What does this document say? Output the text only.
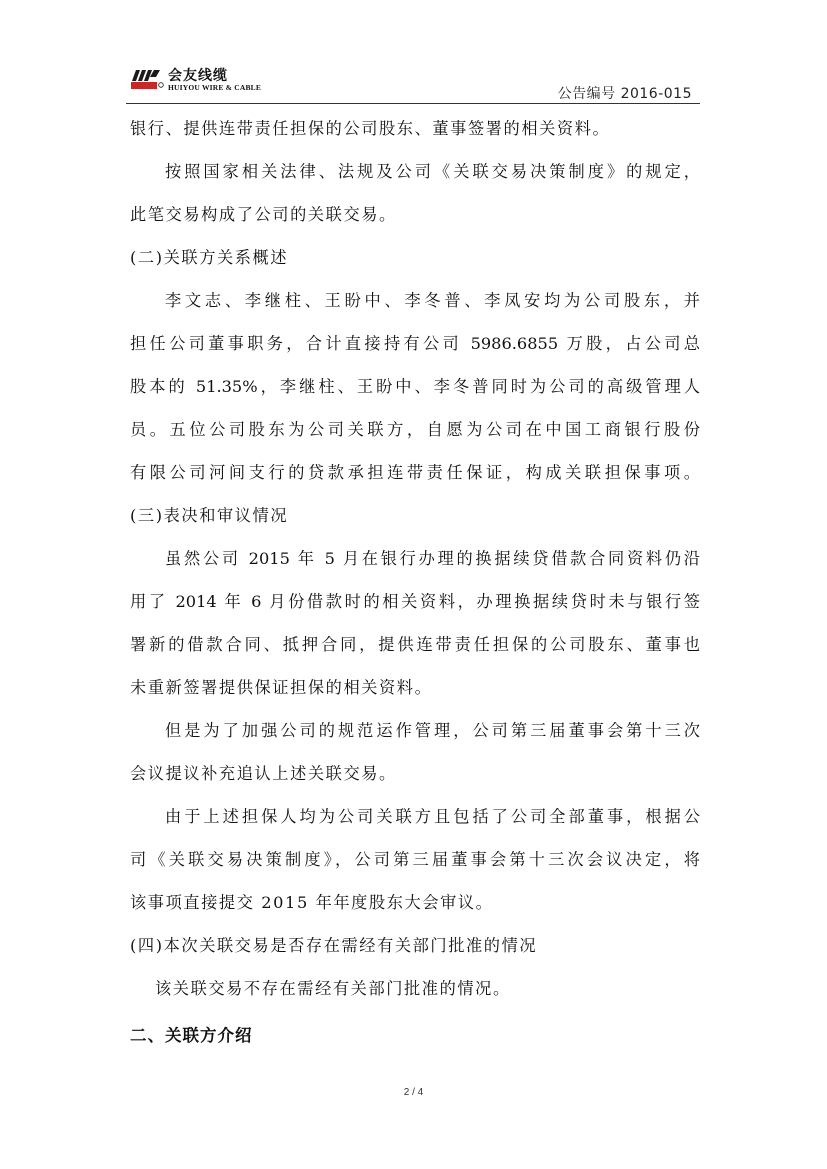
会友线缆
HUIYOU WIRE & CABLE	公告编号 2016-015
银行、提供连带责任担保的公司股东、董事签署的相关资料。
按照国家相关法律、法规及公司《关联交易决策制度》的规定，
此笔交易构成了公司的关联交易。
(二)关联方关系概述
李文志、李继柱、王盼中、李冬普、李凤安均为公司股东，并
担任公司董事职务，合计直接持有公司 5986.6855 万股，占公司总
股本的 51.35%，李继柱、王盼中、李冬普同时为公司的高级管理人
员。五位公司股东为公司关联方，自愿为公司在中国工商银行股份
有限公司河间支行的贷款承担连带责任保证，构成关联担保事项。
(三)表决和审议情况
虽然公司 2015 年 5 月在银行办理的换据续贷借款合同资料仍沿
用了 2014 年 6 月份借款时的相关资料，办理换据续贷时未与银行签
署新的借款合同、抵押合同，提供连带责任担保的公司股东、董事也
未重新签署提供保证担保的相关资料。
但是为了加强公司的规范运作管理，公司第三届董事会第十三次
会议提议补充追认上述关联交易。
由于上述担保人均为公司关联方且包括了公司全部董事，根据公
司《关联交易决策制度》，公司第三届董事会第十三次会议决定，将
该事项直接提交 2015 年年度股东大会审议。
(四)本次关联交易是否存在需经有关部门批准的情况
该关联交易不存在需经有关部门批准的情况。
二、关联方介绍
2 / 4
